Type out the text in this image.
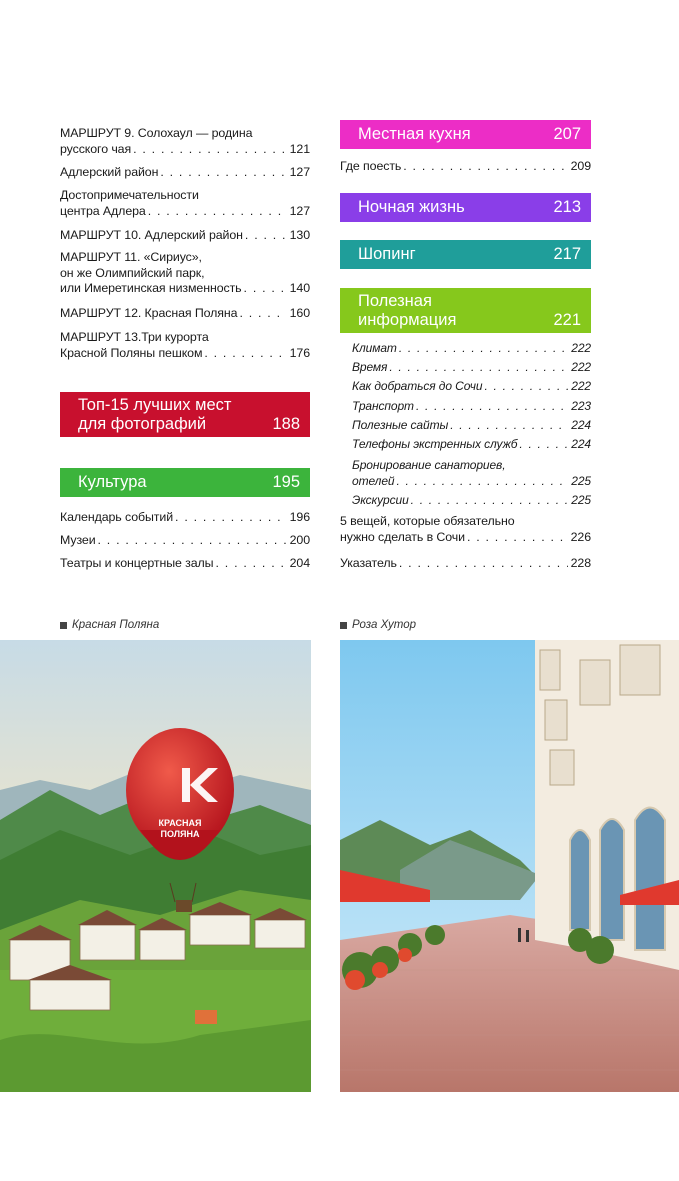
МАРШРУТ 9. Солохаул — родина
русского чая . . .	121
Адлерский район . . .	127
Достопримечательности
центра Адлера . . .	127
МАРШРУТ 10. Адлерский район . . .	130
МАРШРУТ 11. «Сириус»,
он же Олимпийский парк,
или Имеретинская низменность . . .	140
МАРШРУТ 12. Красная Поляна . . .	160
МАРШРУТ 13.Три курорта
Красной Поляны пешком . . .	176
Топ-15 лучших мест
для фотографий	188
Культура	195
Календарь событий . . .	196
Музеи . . .	200
Театры и концертные залы . . .	204
Местная кухня	207
Где поесть . . .	209
Ночная жизнь	213
Шопинг	217
Полезная
информация	221
Климат . . .	222
Время . . .	222
Как добраться до Сочи . . .	222
Транспорт . . .	223
Полезные сайты . . .	224
Телефоны экстренных служб . . .	224
Бронирование санаториев,
отелей . . .	225
Экскурсии . . .	225
5 вещей, которые обязательно
нужно сделать в Сочи . . .	226
Указатель . . .	228
Красная Поляна	Роза Хутор
КРАСНАЯ
ПОЛЯНА
